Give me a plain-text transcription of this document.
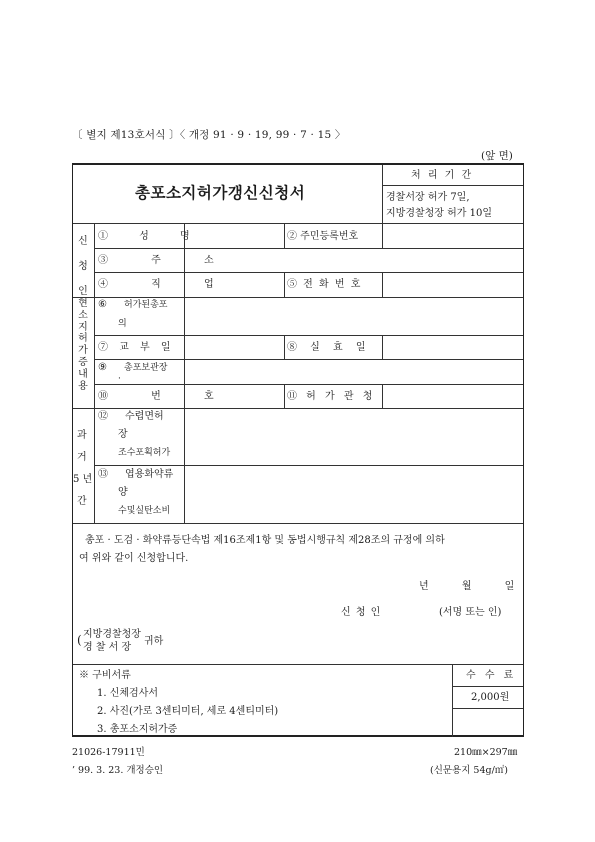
〔 별지 제13호서식 〕〈 개정 91 · 9 · 19, 99 · 7 · 15 〉
(앞 면)
총포소지허가갱신신청서
처 리 기 간
경찰서장 허가 7일,
지방경찰청장 허가 10일
신
청
인
현
소
지
허
가
증
내
용
과
거
5 년
간
① 성 명	② 주민등록번호
③ 주 소
④ 직 업	⑤ 전 화 번 호
⑥ 허가된총포
의
⑦ 교 부 일	⑧ 실 효 일
⑨ 총포보관장
·
⑩ 번 호	⑪ 허 가 관 청
⑫ 수렵면허
장
조수포획허가
⑬ 엽용화약류
양
수및실탄소비
총포 · 도검 · 화약류등단속법 제16조제1항 및 동법시행규칙 제28조의 규정에 의하
여 위와 같이 신청합니다.
년 월 일
신 청 인	(서명 또는 인)
( 지방경찰청장
경 찰 서 장
귀하
※ 구비서류
1. 신체검사서
2. 사진(가로 3센티미터, 세로 4센티미터)
3. 총포소지허가증
수 수 료
2,000원
21026-17911민
’ 99. 3. 23. 개정승인
210㎜×297㎜
(신문용지 54g/㎡)
